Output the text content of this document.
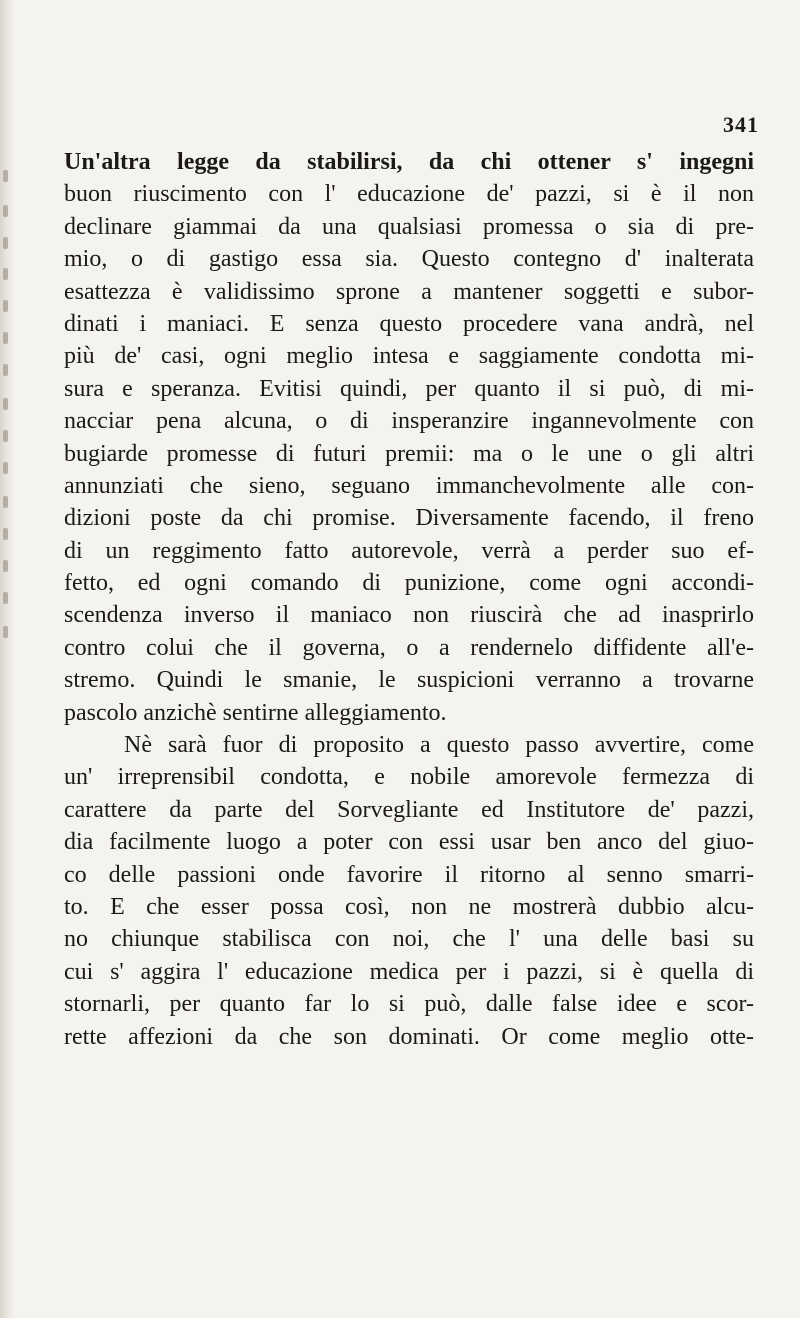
341
Un'altra legge da stabilirsi, da chi ottener s' ingegni
buon riuscimento con l' educazione de' pazzi, si è il non
declinare giammai da una qualsiasi promessa o sia di pre-
mio, o di gastigo essa sia. Questo contegno d' inalterata
esattezza è validissimo sprone a mantener soggetti e subor-
dinati i maniaci. E senza questo procedere vana andrà, nel
più de' casi, ogni meglio intesa e saggiamente condotta mi-
sura e speranza. Evitisi quindi, per quanto il si può, di mi-
nacciar pena alcuna, o di insperanzire ingannevolmente con
bugiarde promesse di futuri premii: ma o le une o gli altri
annunziati che sieno, seguano immanchevolmente alle con-
dizioni poste da chi promise. Diversamente facendo, il freno
di un reggimento fatto autorevole, verrà a perder suo ef-
fetto, ed ogni comando di punizione, come ogni accondi-
scendenza inverso il maniaco non riuscirà che ad inasprirlo
contro colui che il governa, o a rendernelo diffidente all'e-
stremo. Quindi le smanie, le suspicioni verranno a trovarne
pascolo anzichè sentirne alleggiamento.
Nè sarà fuor di proposito a questo passo avvertire, come
un' irreprensibil condotta, e nobile amorevole fermezza di
carattere da parte del Sorvegliante ed Institutore de' pazzi,
dia facilmente luogo a poter con essi usar ben anco del giuo-
co delle passioni onde favorire il ritorno al senno smarri-
to. E che esser possa così, non ne mostrerà dubbio alcu-
no chiunque stabilisca con noi, che l' una delle basi su
cui s' aggira l' educazione medica per i pazzi, si è quella di
stornarli, per quanto far lo si può, dalle false idee e scor-
rette affezioni da che son dominati. Or come meglio otte-
